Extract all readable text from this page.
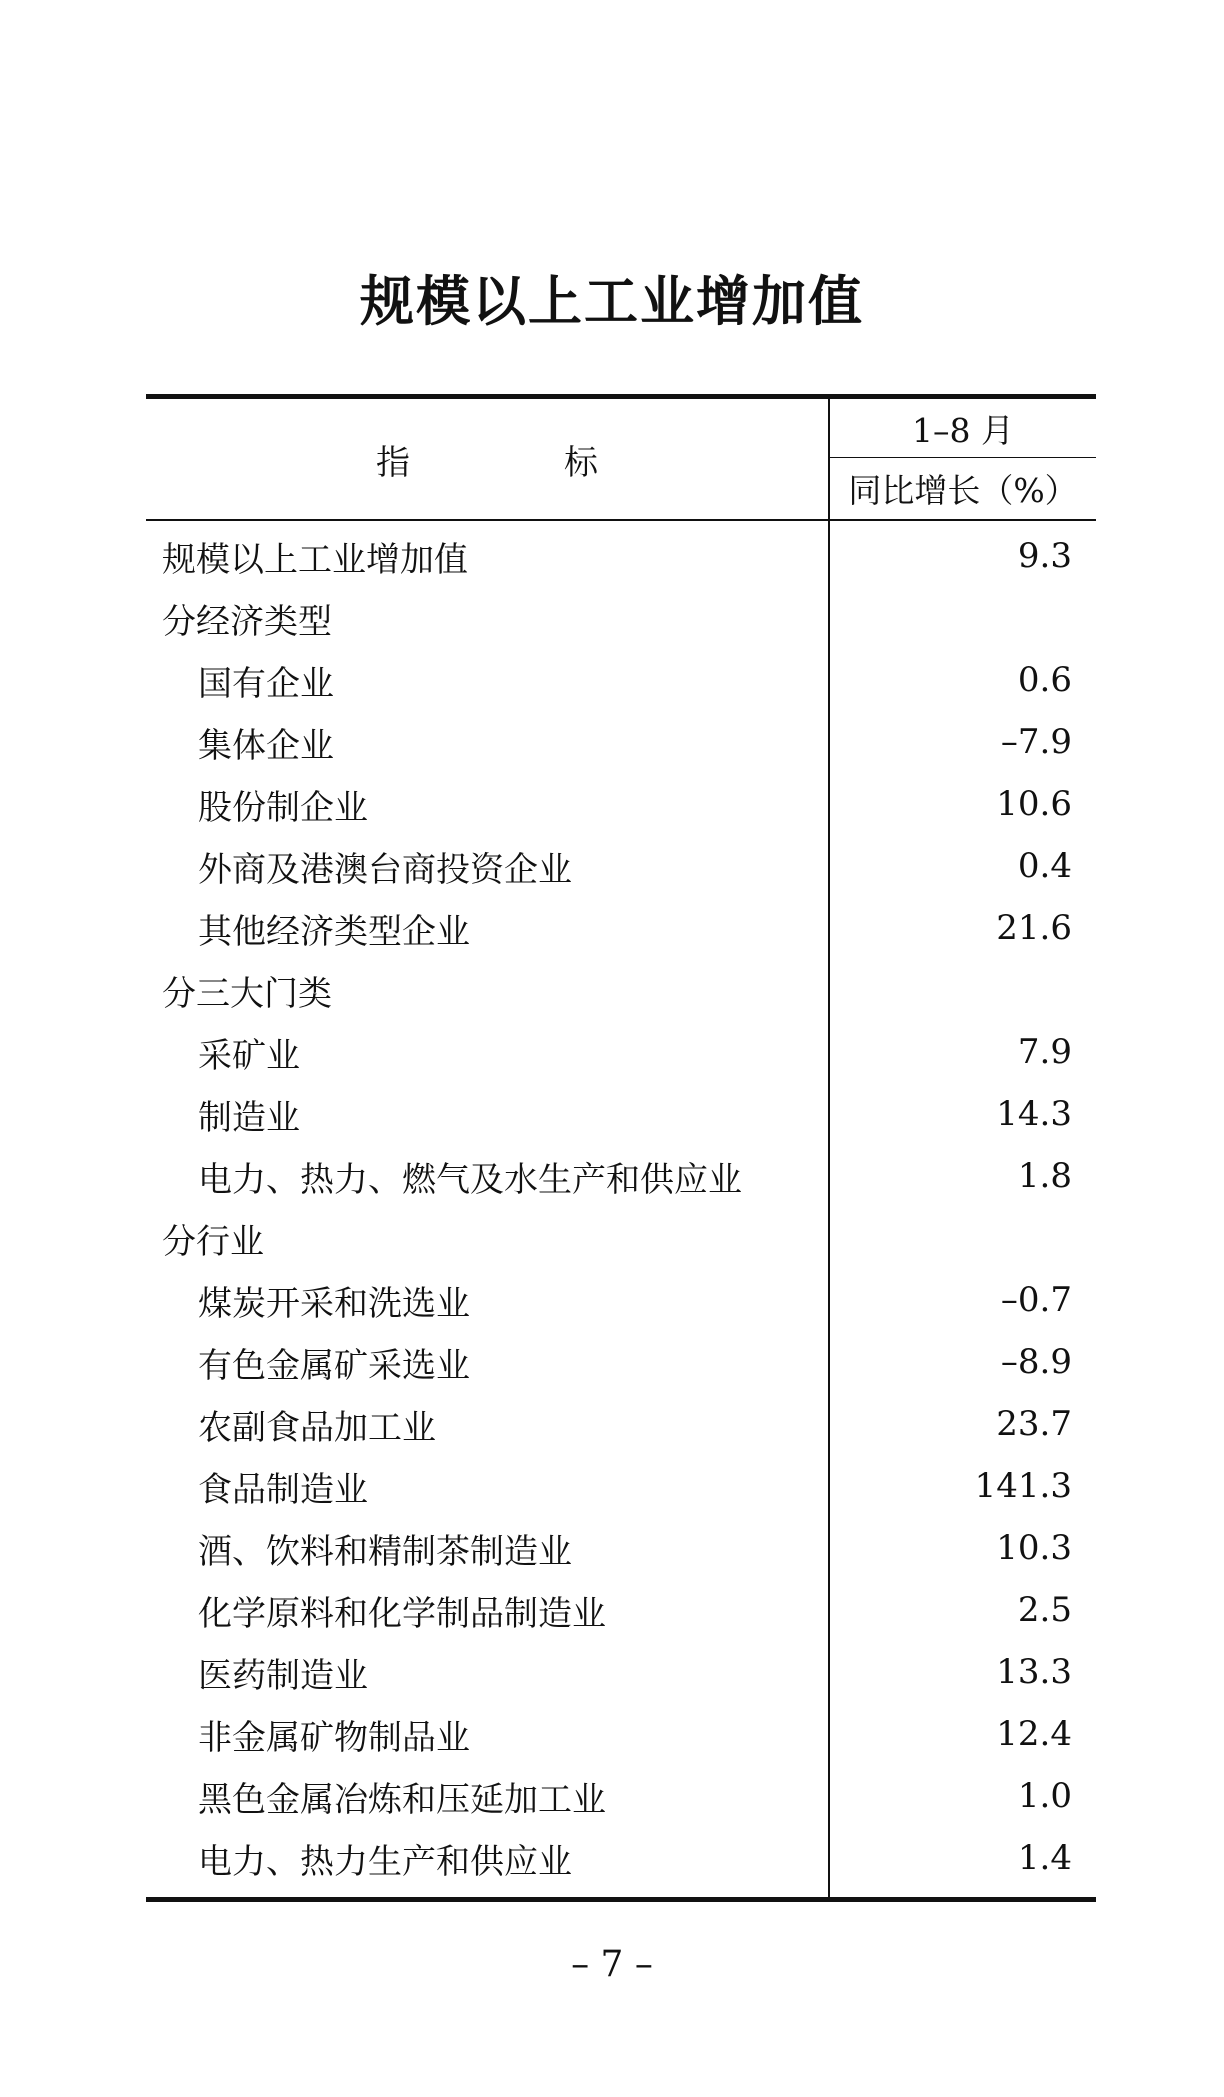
规模以上工业增加值
指　标
1–8 月
同比增长（%）
规模以上工业增加值	9.3
分经济类型
国有企业	0.6
集体企业	–7.9
股份制企业	10.6
外商及港澳台商投资企业	0.4
其他经济类型企业	21.6
分三大门类
采矿业	7.9
制造业	14.3
电力、热力、燃气及水生产和供应业	1.8
分行业
煤炭开采和洗选业	–0.7
有色金属矿采选业	–8.9
农副食品加工业	23.7
食品制造业	141.3
酒、饮料和精制茶制造业	10.3
化学原料和化学制品制造业	2.5
医药制造业	13.3
非金属矿物制品业	12.4
黑色金属冶炼和压延加工业	1.0
电力、热力生产和供应业	1.4
– 7 –
